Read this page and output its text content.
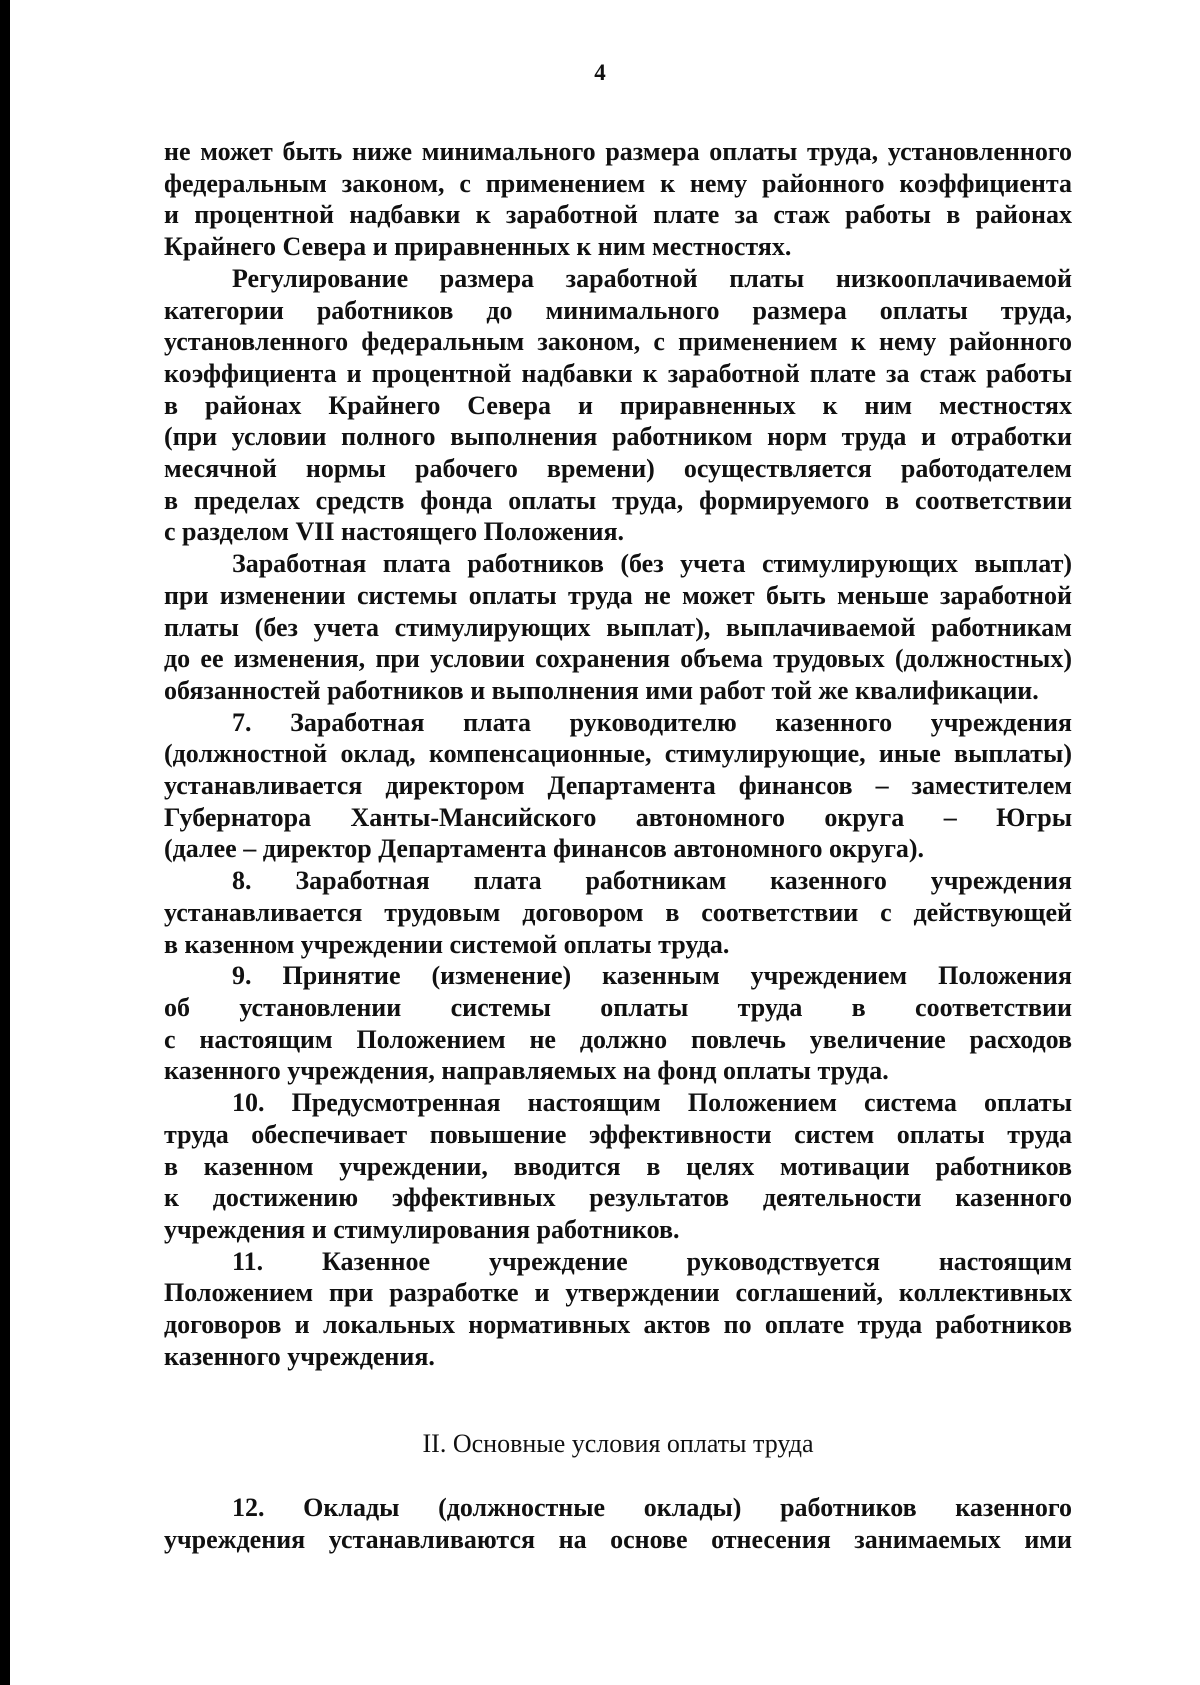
4
не может быть ниже минимального размера оплаты труда, установленного
федеральным законом, с применением к нему районного коэффициента
и процентной надбавки к заработной плате за стаж работы в районах
Крайнего Севера и приравненных к ним местностях.
Регулирование размера заработной платы низкооплачиваемой
категории работников до минимального размера оплаты труда,
установленного федеральным законом, с применением к нему районного
коэффициента и процентной надбавки к заработной плате за стаж работы
в районах Крайнего Севера и приравненных к ним местностях
(при условии полного выполнения работником норм труда и отработки
месячной нормы рабочего времени) осуществляется работодателем
в пределах средств фонда оплаты труда, формируемого в соответствии
с разделом VII настоящего Положения.
Заработная плата работников (без учета стимулирующих выплат)
при изменении системы оплаты труда не может быть меньше заработной
платы (без учета стимулирующих выплат), выплачиваемой работникам
до ее изменения, при условии сохранения объема трудовых (должностных)
обязанностей работников и выполнения ими работ той же квалификации.
7. Заработная плата руководителю казенного учреждения
(должностной оклад, компенсационные, стимулирующие, иные выплаты)
устанавливается директором Департамента финансов – заместителем
Губернатора Ханты-Мансийского автономного округа – Югры
(далее – директор Департамента финансов автономного округа).
8. Заработная плата работникам казенного учреждения
устанавливается трудовым договором в соответствии с действующей
в казенном учреждении системой оплаты труда.
9. Принятие (изменение) казенным учреждением Положения
об установлении системы оплаты труда в соответствии
с настоящим Положением не должно повлечь увеличение расходов
казенного учреждения, направляемых на фонд оплаты труда.
10. Предусмотренная настоящим Положением система оплаты
труда обеспечивает повышение эффективности систем оплаты труда
в казенном учреждении, вводится в целях мотивации работников
к достижению эффективных результатов деятельности казенного
учреждения и стимулирования работников.
11. Казенное учреждение руководствуется настоящим
Положением при разработке и утверждении соглашений, коллективных
договоров и локальных нормативных актов по оплате труда работников
казенного учреждения.
II. Основные условия оплаты труда
12. Оклады (должностные оклады) работников казенного
учреждения устанавливаются на основе отнесения занимаемых ими
